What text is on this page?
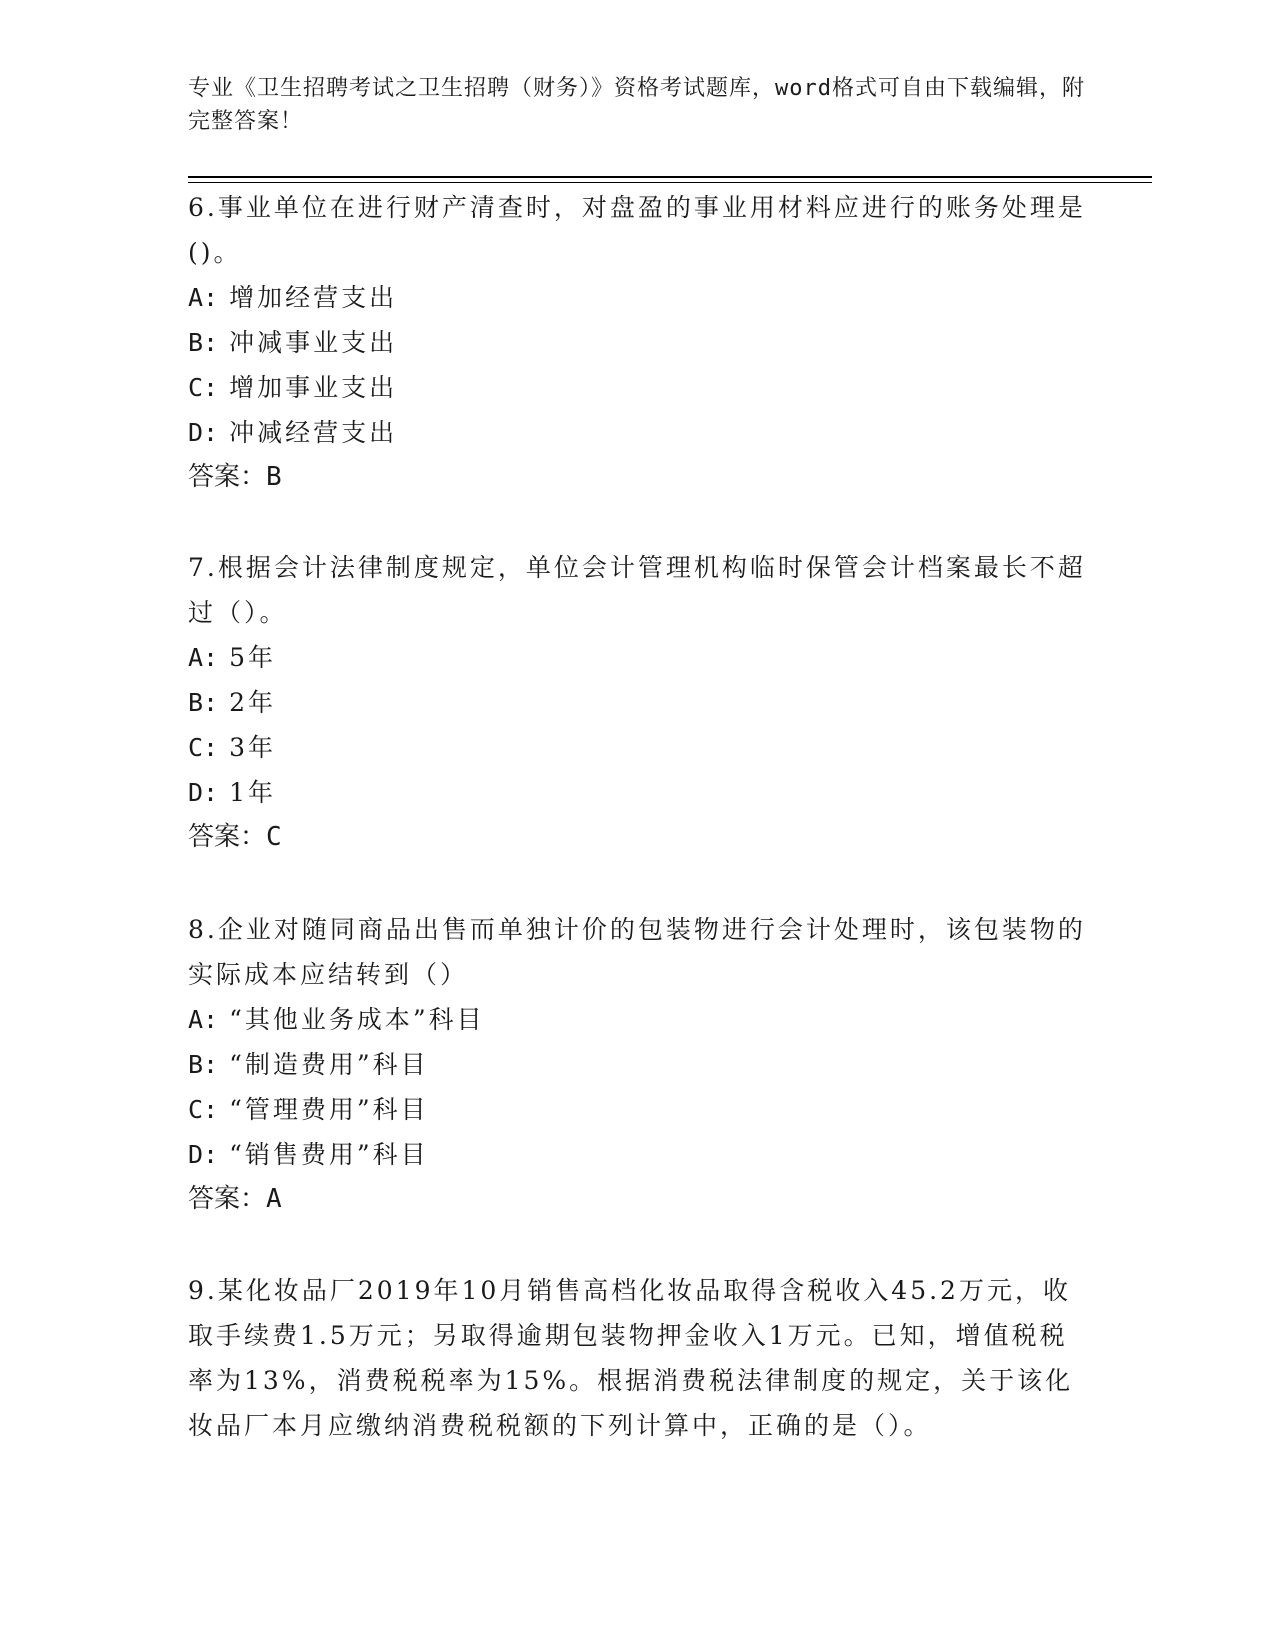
专业《卫生招聘考试之卫生招聘（财务）》资格考试题库，word格式可自由下载编辑，附完整答案！

6.事业单位在进行财产清查时，对盘盈的事业用材料应进行的账务处理是()。

A: 增加经营支出

B: 冲减事业支出

C: 增加事业支出

D: 冲减经营支出

答案：B

7.根据会计法律制度规定，单位会计管理机构临时保管会计档案最长不超过（）。

A: 5年

B: 2年

C: 3年

D: 1年

答案：C

8.企业对随同商品出售而单独计价的包装物进行会计处理时，该包装物的实际成本应结转到（）

A: “其他业务成本”科目

B: “制造费用”科目

C: “管理费用”科目

D: “销售费用”科目

答案：A

9.某化妆品厂2019年10月销售高档化妆品取得含税收入45.2万元，收取手续费1.5万元；另取得逾期包装物押金收入1万元。已知，增值税税率为13%，消费税税率为15%。根据消费税法律制度的规定，关于该化妆品厂本月应缴纳消费税税额的下列计算中，正确的是（）。
